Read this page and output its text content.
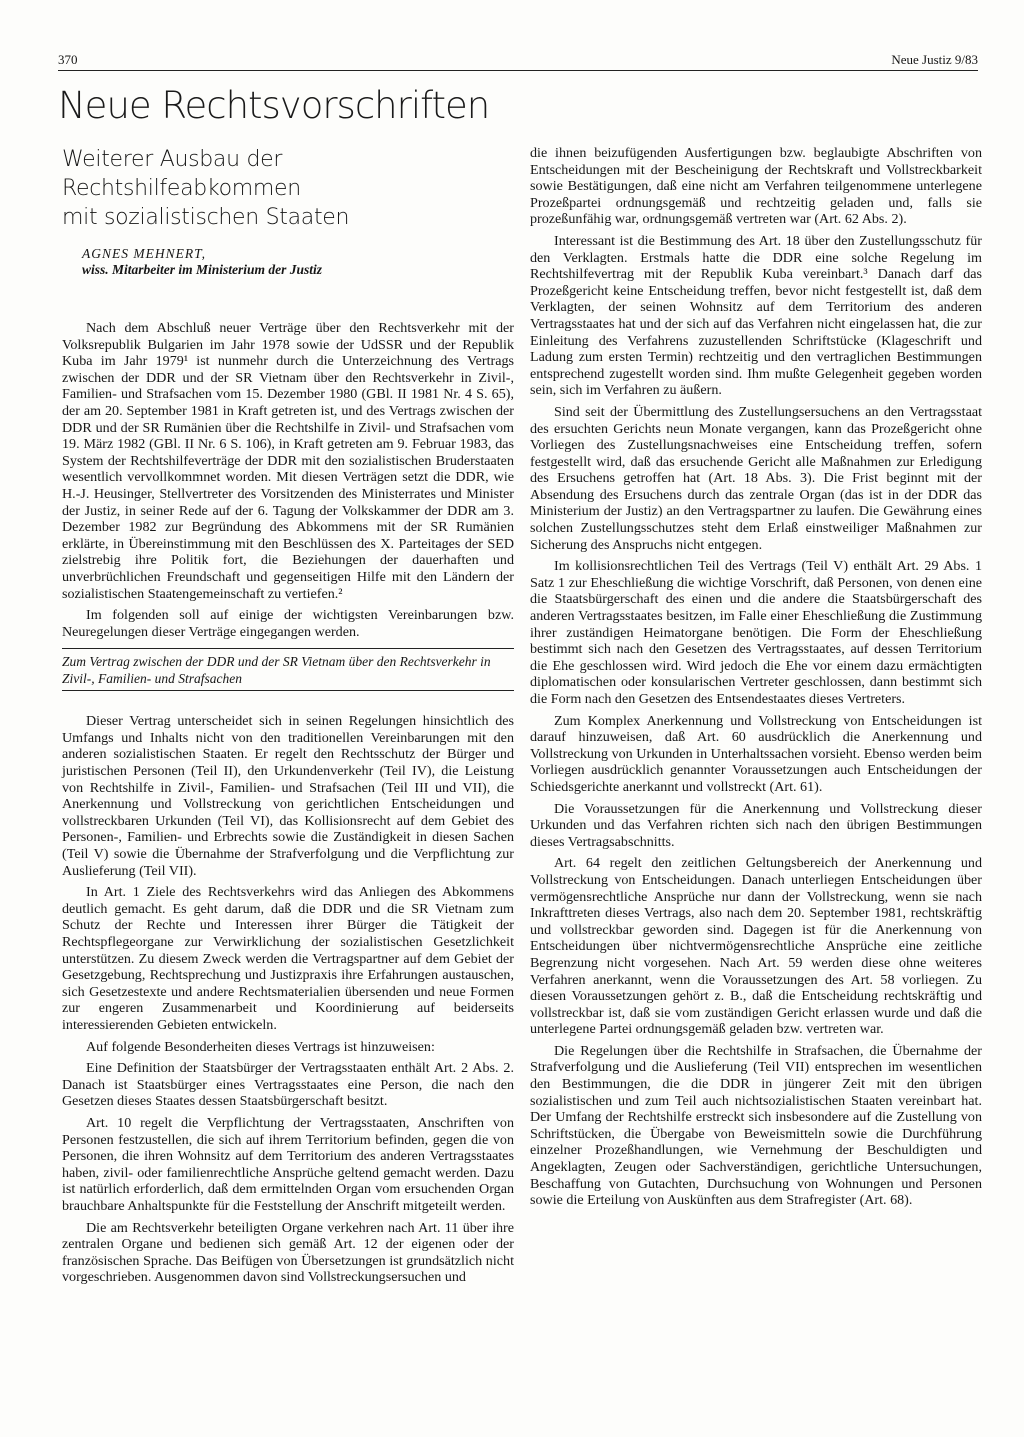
370	Neue Justiz 9/83
Neue Rechtsvorschriften
Weiterer Ausbau der Rechtshilfeabkommen
mit sozialistischen Staaten
AGNES MEHNERT,
wiss. Mitarbeiter im Ministerium der Justiz

Nach dem Abschluß neuer Verträge über den Rechtsverkehr mit der Volksrepublik Bulgarien im Jahr 1978 sowie der UdSSR und der Republik Kuba im Jahr 1979¹ ist nunmehr durch die Unterzeichnung des Vertrags zwischen der DDR und der SR Vietnam über den Rechtsverkehr in Zivil-, Familien- und Strafsachen vom 15. Dezember 1980 (GBl. II 1981 Nr. 4 S. 65), der am 20. September 1981 in Kraft getreten ist, und des Vertrags zwischen der DDR und der SR Rumänien über die Rechtshilfe in Zivil- und Strafsachen vom 19. März 1982 (GBl. II Nr. 6 S. 106), in Kraft getreten am 9. Februar 1983, das System der Rechtshilfeverträge der DDR mit den sozialistischen Bruderstaaten wesentlich vervollkommnet worden. Mit diesen Verträgen setzt die DDR, wie H.-J. Heusinger, Stellvertreter des Vorsitzenden des Ministerrates und Minister der Justiz, in seiner Rede auf der 6. Tagung der Volkskammer der DDR am 3. Dezember 1982 zur Begründung des Abkommens mit der SR Rumänien erklärte, in Übereinstimmung mit den Beschlüssen des X. Parteitages der SED zielstrebig ihre Politik fort, die Beziehungen der dauerhaften und unverbrüchlichen Freundschaft und gegenseitigen Hilfe mit den Ländern der sozialistischen Staatengemeinschaft zu vertiefen.²

Im folgenden soll auf einige der wichtigsten Vereinbarungen bzw. Neuregelungen dieser Verträge eingegangen werden.

Zum Vertrag zwischen der DDR und der SR Vietnam über den Rechtsverkehr in Zivil-, Familien- und Strafsachen

Dieser Vertrag unterscheidet sich in seinen Regelungen hinsichtlich des Umfangs und Inhalts nicht von den traditionellen Vereinbarungen mit den anderen sozialistischen Staaten. Er regelt den Rechtsschutz der Bürger und juristischen Personen (Teil II), den Urkundenverkehr (Teil IV), die Leistung von Rechtshilfe in Zivil-, Familien- und Strafsachen (Teil III und VII), die Anerkennung und Vollstreckung von gerichtlichen Entscheidungen und vollstreckbaren Urkunden (Teil VI), das Kollisionsrecht auf dem Gebiet des Personen-, Familien- und Erbrechts sowie die Zuständigkeit in diesen Sachen (Teil V) sowie die Übernahme der Strafverfolgung und die Verpflichtung zur Auslieferung (Teil VII).

In Art. 1 Ziele des Rechtsverkehrs wird das Anliegen des Abkommens deutlich gemacht. Es geht darum, daß die DDR und die SR Vietnam zum Schutz der Rechte und Interessen ihrer Bürger die Tätigkeit der Rechtspflegeorgane zur Verwirklichung der sozialistischen Gesetzlichkeit unterstützen. Zu diesem Zweck werden die Vertragspartner auf dem Gebiet der Gesetzgebung, Rechtsprechung und Justizpraxis ihre Erfahrungen austauschen, sich Gesetzestexte und andere Rechtsmaterialien übersenden und neue Formen zur engeren Zusammenarbeit und Koordinierung auf beiderseits interessierenden Gebieten entwickeln.

Auf folgende Besonderheiten dieses Vertrags ist hinzuweisen:

Eine Definition der Staatsbürger der Vertragsstaaten enthält Art. 2 Abs. 2. Danach ist Staatsbürger eines Vertragsstaates eine Person, die nach den Gesetzen dieses Staates dessen Staatsbürgerschaft besitzt.

Art. 10 regelt die Verpflichtung der Vertragsstaaten, Anschriften von Personen festzustellen, die sich auf ihrem Territorium befinden, gegen die von Personen, die ihren Wohnsitz auf dem Territorium des anderen Vertragsstaates haben, zivil- oder familienrechtliche Ansprüche geltend gemacht werden. Dazu ist natürlich erforderlich, daß dem ermittelnden Organ vom ersuchenden Organ brauchbare Anhaltspunkte für die Feststellung der Anschrift mitgeteilt werden.

Die am Rechtsverkehr beteiligten Organe verkehren nach Art. 11 über ihre zentralen Organe und bedienen sich gemäß Art. 12 der eigenen oder der französischen Sprache. Das Beifügen von Übersetzungen ist grundsätzlich nicht vorgeschrieben. Ausgenommen davon sind Vollstreckungsersuchen und

die ihnen beizufügenden Ausfertigungen bzw. beglaubigte Abschriften von Entscheidungen mit der Bescheinigung der Rechtskraft und Vollstreckbarkeit sowie Bestätigungen, daß eine nicht am Verfahren teilgenommene unterlegene Prozeßpartei ordnungsgemäß und rechtzeitig geladen und, falls sie prozeßunfähig war, ordnungsgemäß vertreten war (Art. 62 Abs. 2).

Interessant ist die Bestimmung des Art. 18 über den Zustellungsschutz für den Verklagten. Erstmals hatte die DDR eine solche Regelung im Rechtshilfevertrag mit der Republik Kuba vereinbart.³ Danach darf das Prozeßgericht keine Entscheidung treffen, bevor nicht festgestellt ist, daß dem Verklagten, der seinen Wohnsitz auf dem Territorium des anderen Vertragsstaates hat und der sich auf das Verfahren nicht eingelassen hat, die zur Einleitung des Verfahrens zuzustellenden Schriftstücke (Klageschrift und Ladung zum ersten Termin) rechtzeitig und den vertraglichen Bestimmungen entsprechend zugestellt worden sind. Ihm mußte Gelegenheit gegeben worden sein, sich im Verfahren zu äußern.

Sind seit der Übermittlung des Zustellungsersuchens an den Vertragsstaat des ersuchten Gerichts neun Monate vergangen, kann das Prozeßgericht ohne Vorliegen des Zustellungsnachweises eine Entscheidung treffen, sofern festgestellt wird, daß das ersuchende Gericht alle Maßnahmen zur Erledigung des Ersuchens getroffen hat (Art. 18 Abs. 3). Die Frist beginnt mit der Absendung des Ersuchens durch das zentrale Organ (das ist in der DDR das Ministerium der Justiz) an den Vertragspartner zu laufen. Die Gewährung eines solchen Zustellungsschutzes steht dem Erlaß einstweiliger Maßnahmen zur Sicherung des Anspruchs nicht entgegen.

Im kollisionsrechtlichen Teil des Vertrags (Teil V) enthält Art. 29 Abs. 1 Satz 1 zur Eheschließung die wichtige Vorschrift, daß Personen, von denen eine die Staatsbürgerschaft des einen und die andere die Staatsbürgerschaft des anderen Vertragsstaates besitzen, im Falle einer Eheschließung die Zustimmung ihrer zuständigen Heimatorgane benötigen. Die Form der Eheschließung bestimmt sich nach den Gesetzen des Vertragsstaates, auf dessen Territorium die Ehe geschlossen wird. Wird jedoch die Ehe vor einem dazu ermächtigten diplomatischen oder konsularischen Vertreter geschlossen, dann bestimmt sich die Form nach den Gesetzen des Entsendestaates dieses Vertreters.

Zum Komplex Anerkennung und Vollstreckung von Entscheidungen ist darauf hinzuweisen, daß Art. 60 ausdrücklich die Anerkennung und Vollstreckung von Urkunden in Unterhaltssachen vorsieht. Ebenso werden beim Vorliegen ausdrücklich genannter Voraussetzungen auch Entscheidungen der Schiedsgerichte anerkannt und vollstreckt (Art. 61).

Die Voraussetzungen für die Anerkennung und Vollstreckung dieser Urkunden und das Verfahren richten sich nach den übrigen Bestimmungen dieses Vertragsabschnitts.

Art. 64 regelt den zeitlichen Geltungsbereich der Anerkennung und Vollstreckung von Entscheidungen. Danach unterliegen Entscheidungen über vermögensrechtliche Ansprüche nur dann der Vollstreckung, wenn sie nach Inkrafttreten dieses Vertrags, also nach dem 20. September 1981, rechtskräftig und vollstreckbar geworden sind. Dagegen ist für die Anerkennung von Entscheidungen über nichtvermögensrechtliche Ansprüche eine zeitliche Begrenzung nicht vorgesehen. Nach Art. 59 werden diese ohne weiteres Verfahren anerkannt, wenn die Voraussetzungen des Art. 58 vorliegen. Zu diesen Voraussetzungen gehört z. B., daß die Entscheidung rechtskräftig und vollstreckbar ist, daß sie vom zuständigen Gericht erlassen wurde und daß die unterlegene Partei ordnungsgemäß geladen bzw. vertreten war.

Die Regelungen über die Rechtshilfe in Strafsachen, die Übernahme der Strafverfolgung und die Auslieferung (Teil VII) entsprechen im wesentlichen den Bestimmungen, die die DDR in jüngerer Zeit mit den übrigen sozialistischen und zum Teil auch nichtsozialistischen Staaten vereinbart hat. Der Umfang der Rechtshilfe erstreckt sich insbesondere auf die Zustellung von Schriftstücken, die Übergabe von Beweismitteln sowie die Durchführung einzelner Prozeßhandlungen, wie Vernehmung der Beschuldigten und Angeklagten, Zeugen oder Sachverständigen, gerichtliche Untersuchungen, Beschaffung von Gutachten, Durchsuchung von Wohnungen und Personen sowie die Erteilung von Auskünften aus dem Strafregister (Art. 68).
